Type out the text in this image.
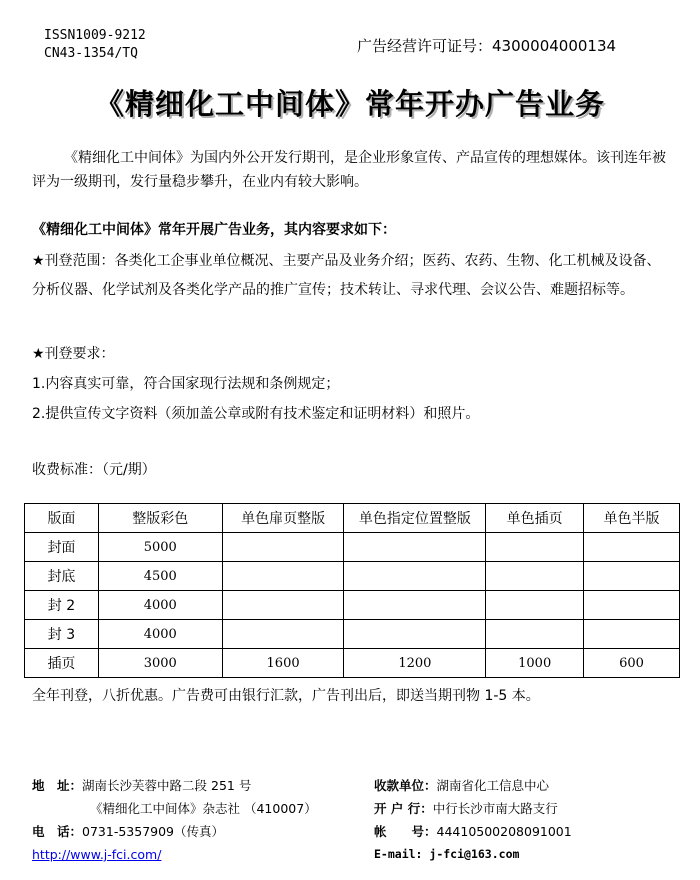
ISSN1009-9212
CN43-1354/TQ	广告经营许可证号：4300004000134
《精细化工中间体》常年开办广告业务
《精细化工中间体》为国内外公开发行期刊，是企业形象宣传、产品宣传的理想媒体。该刊连年被评为一级期刊，发行量稳步攀升，在业内有较大影响。
《精细化工中间体》常年开展广告业务，其内容要求如下：
★刊登范围：各类化工企事业单位概况、主要产品及业务介绍；医药、农药、生物、化工机械及设备、分析仪器、化学试剂及各类化学产品的推广宣传；技术转让、寻求代理、会议公告、难题招标等。
★刊登要求：
1.内容真实可靠，符合国家现行法规和条例规定；
2.提供宣传文字资料（须加盖公章或附有技术鉴定和证明材料）和照片。
收费标准：（元/期）
版面	整版彩色	单色扉页整版	单色指定位置整版	单色插页	单色半版
封面	5000				
封底	4500				
封 2	4000				
封 3	4000				
插页	3000	1600	1200	1000	600
全年刊登，八折优惠。广告费可由银行汇款，广告刊出后，即送当期刊物 1-5 本。
地　址：湖南长沙芙蓉中路二段 251 号
《精细化工中间体》杂志社 （410007）
电　话：0731-5357909（传真）
http://www.j-fci.com/
收款单位：湖南省化工信息中心
开 户 行：中行长沙市南大路支行
帐　　号：44410500208091001
E-mail: j-fci@163.com
